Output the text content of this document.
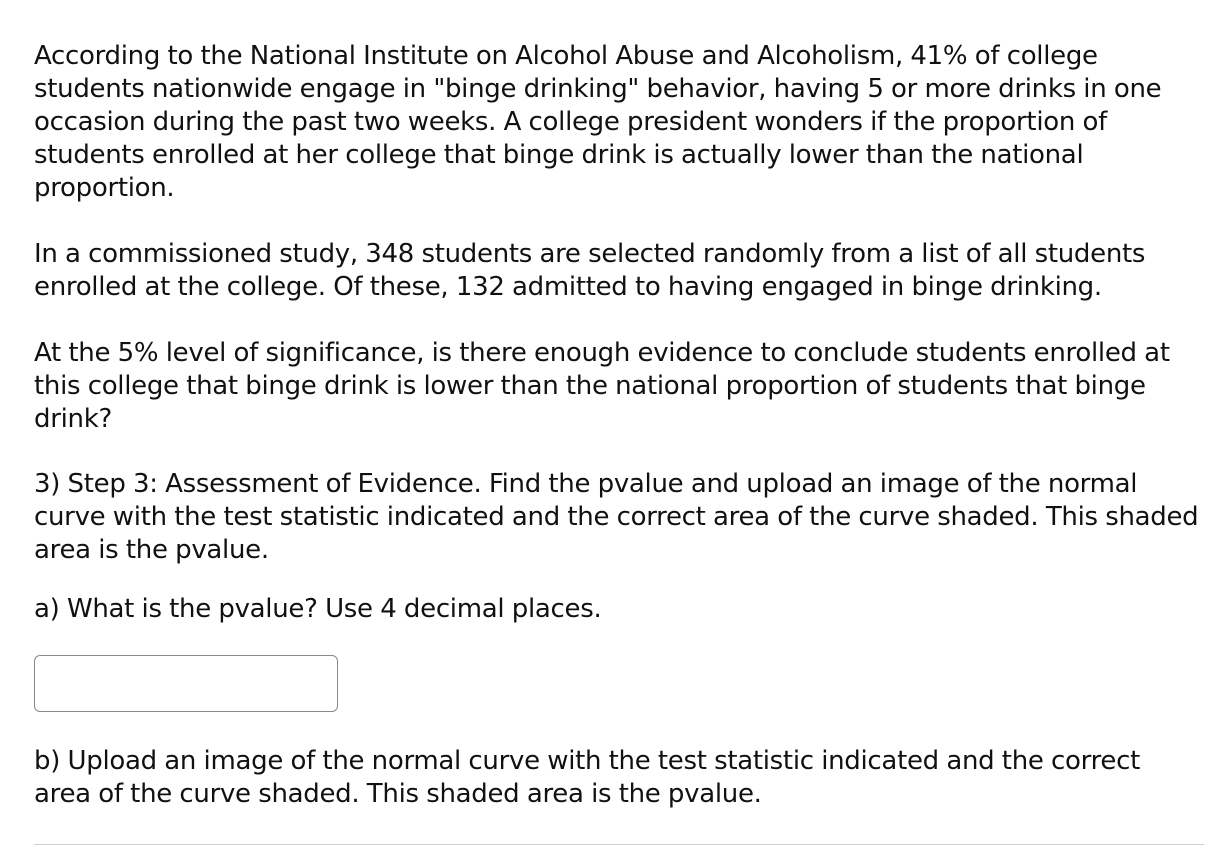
According to the National Institute on Alcohol Abuse and Alcoholism, 41% of college students nationwide engage in "binge drinking" behavior, having 5 or more drinks in one occasion during the past two weeks. A college president wonders if the proportion of students enrolled at her college that binge drink is actually lower than the national proportion.

In a commissioned study, 348 students are selected randomly from a list of all students enrolled at the college. Of these, 132 admitted to having engaged in binge drinking.

At the 5% level of significance, is there enough evidence to conclude students enrolled at this college that binge drink is lower than the national proportion of students that binge drink?

3) Step 3: Assessment of Evidence. Find the pvalue and upload an image of the normal curve with the test statistic indicated and the correct area of the curve shaded. This shaded area is the pvalue.

a) What is the pvalue? Use 4 decimal places.

b) Upload an image of the normal curve with the test statistic indicated and the correct area of the curve shaded. This shaded area is the pvalue.
